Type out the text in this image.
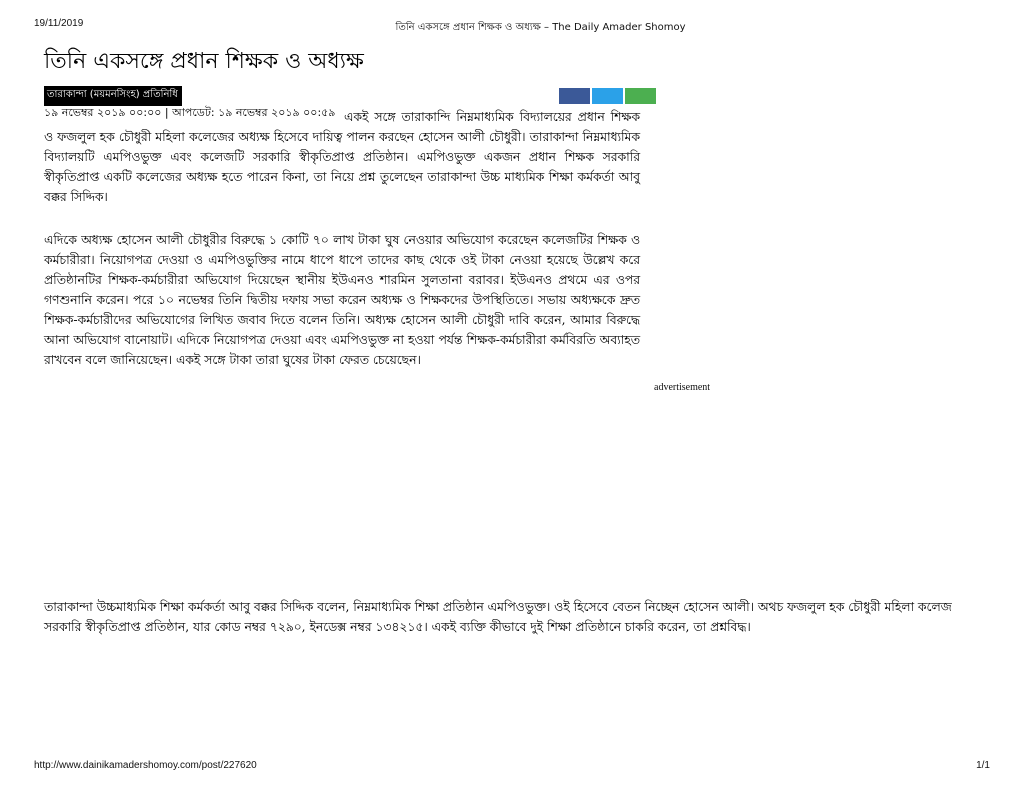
19/11/2019	তিনি একসঙ্গে প্রধান শিক্ষক ও অধ্যক্ষ – The Daily Amader Shomoy
তিনি একসঙ্গে প্রধান শিক্ষক ও অধ্যক্ষ
তারাকান্দা (ময়মনসিংহ) প্রতিনিধি
১৯ নভেম্বর ২০১৯ ০০:০০ | আপডেট: ১৯ নভেম্বর ২০১৯ ০০:৫৯ একই সঙ্গে তারাকান্দি নিম্নমাধ্যমিক বিদ্যালয়ের প্রধান শিক্ষক ও ফজলুল হক চৌধুরী মহিলা কলেজের অধ্যক্ষ হিসেবে দায়িত্ব পালন করছেন হোসেন আলী চৌধুরী। তারাকান্দা নিম্নমাধ্যমিক বিদ্যালয়টি এমপিওভুক্ত এবং কলেজটি সরকারি স্বীকৃতিপ্রাপ্ত প্রতিষ্ঠান। এমপিওভুক্ত একজন প্রধান শিক্ষক সরকারি স্বীকৃতিপ্রাপ্ত একটি কলেজের অধ্যক্ষ হতে পারেন কিনা, তা নিয়ে প্রশ্ন তুলেছেন তারাকান্দা উচ্চ মাধ্যমিক শিক্ষা কর্মকর্তা আবু বক্কর সিদ্দিক।

এদিকে অধ্যক্ষ হোসেন আলী চৌধুরীর বিরুদ্ধে ১ কোটি ৭০ লাখ টাকা ঘুষ নেওয়ার অভিযোগ করেছেন কলেজটির শিক্ষক ও কর্মচারীরা। নিয়োগপত্র দেওয়া ও এমপিওভুক্তির নামে ধাপে ধাপে তাদের কাছ থেকে ওই টাকা নেওয়া হয়েছে উল্লেখ করে প্রতিষ্ঠানটির শিক্ষক-কর্মচারীরা অভিযোগ দিয়েছেন স্থানীয় ইউএনও শারমিন সুলতানা বরাবর। ইউএনও প্রথমে এর ওপর গণশুনানি করেন। পরে ১০ নভেম্বর তিনি দ্বিতীয় দফায় সভা করেন অধ্যক্ষ ও শিক্ষকদের উপস্থিতিতে। সভায় অধ্যক্ষকে দ্রুত শিক্ষক-কর্মচারীদের অভিযোগের লিখিত জবাব দিতে বলেন তিনি। অধ্যক্ষ হোসেন আলী চৌধুরী দাবি করেন, আমার বিরুদ্ধে আনা অভিযোগ বানোয়াট। এদিকে নিয়োগপত্র দেওয়া এবং এমপিওভুক্ত না হওয়া পর্যন্ত শিক্ষক-কর্মচারীরা কর্মবিরতি অব্যাহত রাখবেন বলে জানিয়েছেন। একই সঙ্গে টাকা তারা ঘুষের টাকা ফেরত চেয়েছেন।

advertisement

তারাকান্দা উচ্চমাধ্যমিক শিক্ষা কর্মকর্তা আবু বক্কর সিদ্দিক বলেন, নিম্নমাধ্যমিক শিক্ষা প্রতিষ্ঠান এমপিওভুক্ত। ওই হিসেবে বেতন নিচ্ছেন হোসেন আলী। অথচ ফজলুল হক চৌধুরী মহিলা কলেজ সরকারি স্বীকৃতিপ্রাপ্ত প্রতিষ্ঠান, যার কোড নম্বর ৭২৯০, ইনডেক্স নম্বর ১৩৪২১৫। একই ব্যক্তি কীভাবে দুই শিক্ষা প্রতিষ্ঠানে চাকরি করেন, তা প্রশ্নবিদ্ধ।

http://www.dainikamadershomoy.com/post/227620	1/1
